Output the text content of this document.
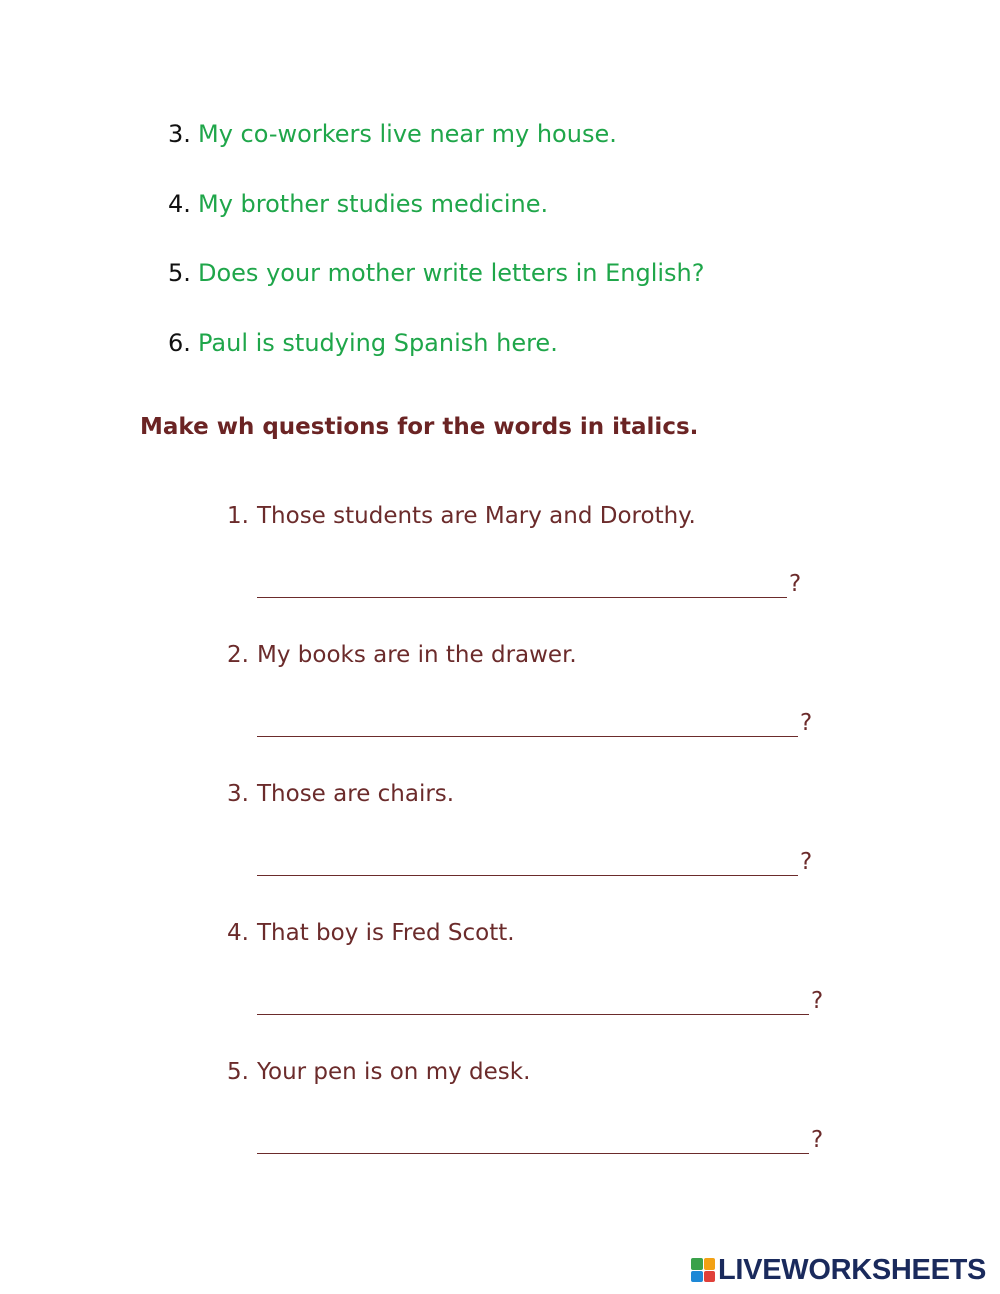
3. My co-workers live near my house.
4. My brother studies medicine.
5. Does your mother write letters in English?
6. Paul is studying Spanish here.
Make wh questions for the words in italics.
1. Those students are Mary and Dorothy.
?
2. My books are in the drawer.
?
3. Those are chairs.
?
4. That boy is Fred Scott.
?
5. Your pen is on my desk.
?
LIVEWORKSHEETS
